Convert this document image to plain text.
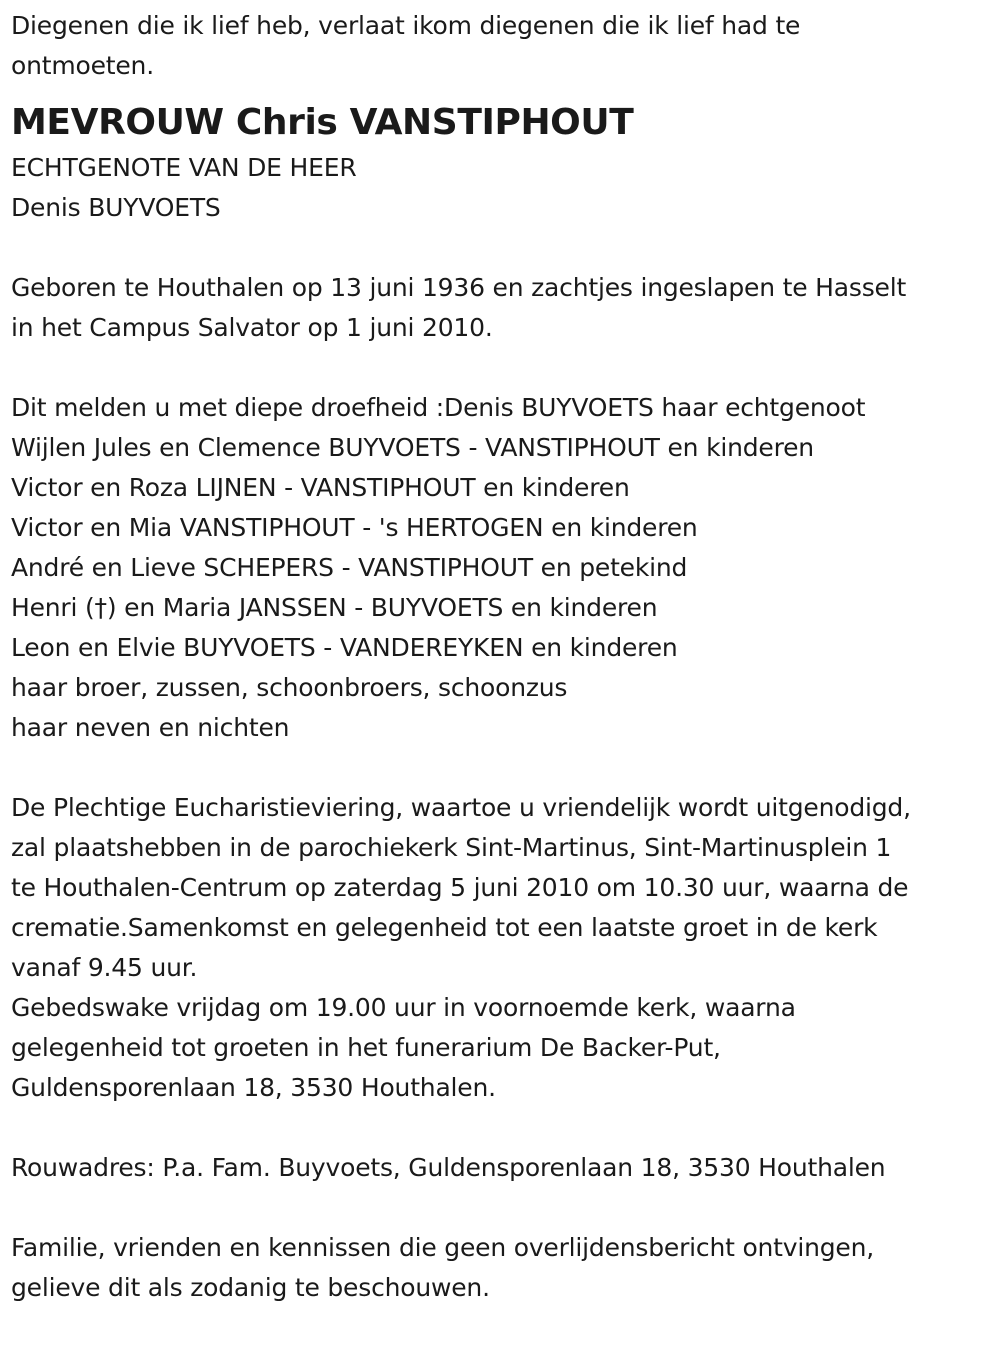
Diegenen die ik lief heb, verlaat ikom diegenen die ik lief had te
ontmoeten.
MEVROUW Chris VANSTIPHOUT
ECHTGENOTE VAN DE HEER
Denis BUYVOETS
Geboren te Houthalen op 13 juni 1936 en zachtjes ingeslapen te Hasselt
in het Campus Salvator op 1 juni 2010.
Dit melden u met diepe droefheid :Denis BUYVOETS haar echtgenoot
Wijlen Jules en Clemence BUYVOETS - VANSTIPHOUT en kinderen
Victor en Roza LIJNEN - VANSTIPHOUT en kinderen
Victor en Mia VANSTIPHOUT - 's HERTOGEN en kinderen
André en Lieve SCHEPERS - VANSTIPHOUT en petekind
Henri (†) en Maria JANSSEN - BUYVOETS en kinderen
Leon en Elvie BUYVOETS - VANDEREYKEN en kinderen
haar broer, zussen, schoonbroers, schoonzus
haar neven en nichten
De Plechtige Eucharistieviering, waartoe u vriendelijk wordt uitgenodigd,
zal plaatshebben in de parochiekerk Sint-Martinus, Sint-Martinusplein 1
te Houthalen-Centrum op zaterdag 5 juni 2010 om 10.30 uur, waarna de
crematie.Samenkomst en gelegenheid tot een laatste groet in de kerk
vanaf 9.45 uur.
Gebedswake vrijdag om 19.00 uur in voornoemde kerk, waarna
gelegenheid tot groeten in het funerarium De Backer-Put,
Guldensporenlaan 18, 3530 Houthalen.
Rouwadres: P.a. Fam. Buyvoets, Guldensporenlaan 18, 3530 Houthalen
Familie, vrienden en kennissen die geen overlijdensbericht ontvingen,
gelieve dit als zodanig te beschouwen.
